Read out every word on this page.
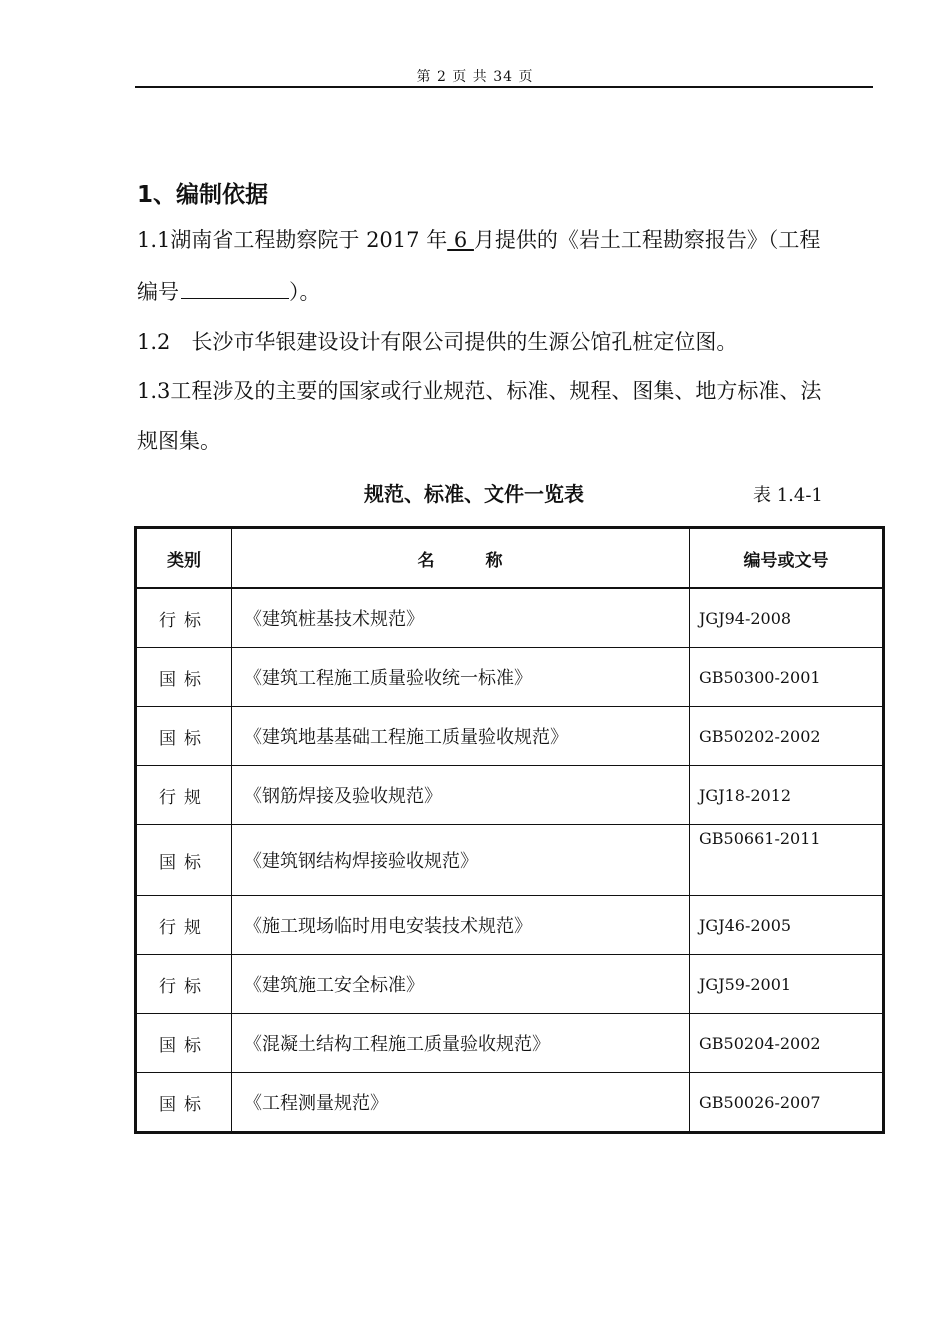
第 2 页 共 34 页
1、编制依据
1.1湖南省工程勘察院于 2017 年 6 月提供的《岩土工程勘察报告》（工程
编号	）。
1.2　长沙市华银建设设计有限公司提供的生源公馆孔桩定位图。
1.3工程涉及的主要的国家或行业规范、标准、规程、图集、地方标准、法
规图集。
规范、标准、文件一览表	表 1.4-1
类别	名 称	编号或文号
行标	《建筑桩基技术规范》	JGJ94-2008
国标	《建筑工程施工质量验收统一标准》	GB50300-2001
国标	《建筑地基基础工程施工质量验收规范》	GB50202-2002
行规	《钢筋焊接及验收规范》	JGJ18-2012
国标	《建筑钢结构焊接验收规范》	GB50661-2011
行规	《施工现场临时用电安装技术规范》	JGJ46-2005
行标	《建筑施工安全标准》	JGJ59-2001
国标	《混凝土结构工程施工质量验收规范》	GB50204-2002
国标	《工程测量规范》	GB50026-2007
